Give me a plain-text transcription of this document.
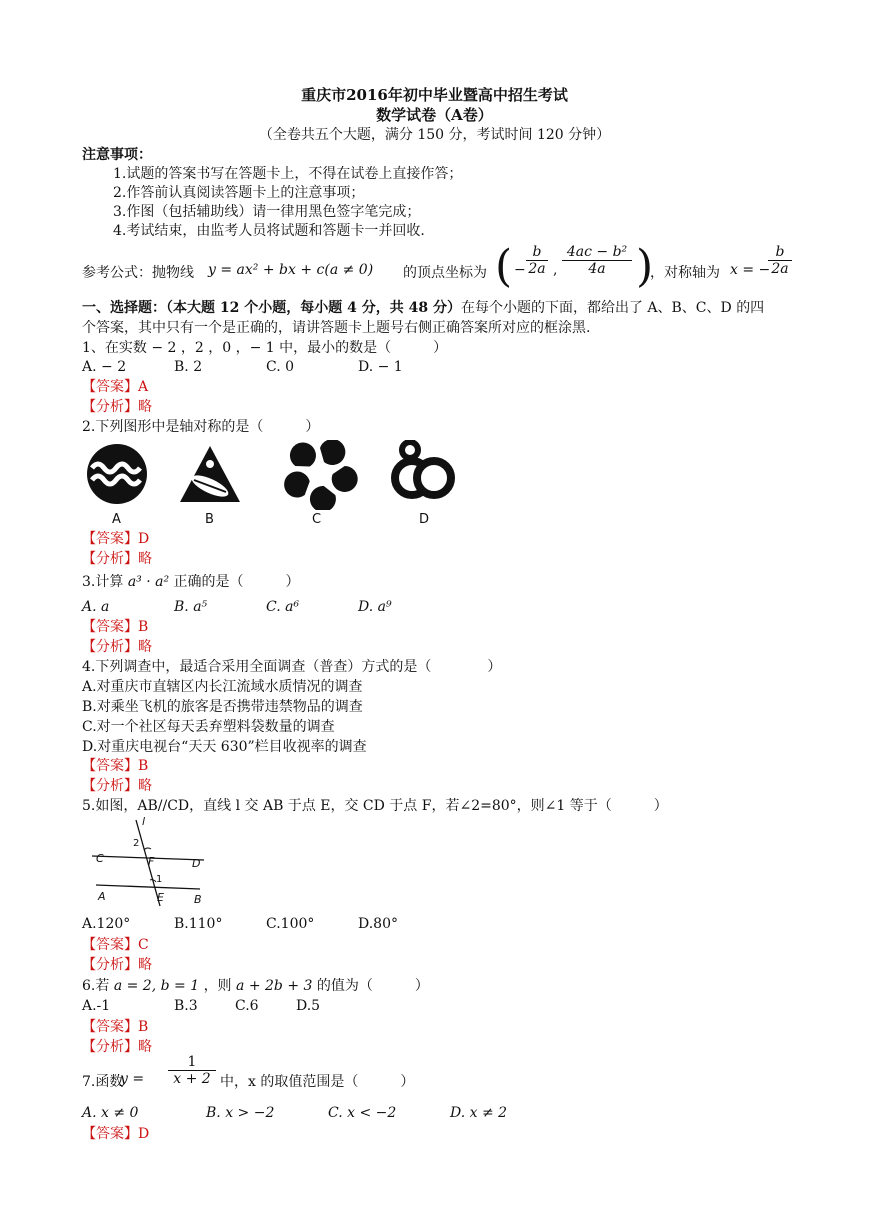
重庆市2016年初中毕业暨高中招生考试
数学试卷（A卷）
（全卷共五个大题，满分 150 分，考试时间 120 分钟）
注意事项：
1.试题的答案书写在答题卡上，不得在试卷上直接作答；
2.作答前认真阅读答题卡上的注意事项；
3.作图（包括辅助线）请一律用黑色签字笔完成；
4.考试结束，由监考人员将试题和答题卡一并回收.
参考公式：抛物线 y = ax² + bx + c(a ≠ 0) 的顶点坐标为 ( − $\frac{b}{2a}$ , $\frac{\text{4ac − b²}}{4a}$ )
，对称轴为 x = −
$\frac{b}{2a}$
一、选择题：（本大题 12 个小题，每小题 4 分，共 48 分）在每个小题的下面，都给出了 A、B、C、D 的四
个答案，其中只有一个是正确的，请讲答题卡上题号右侧正确答案所对应的框涂黑.
1、在实数 − 2 ，2 ，0 ，− 1 中，最小的数是（　　　）
A. − 2	B. 2	C. 0	D. − 1
【答案】A
【分析】略
2.下列图形中是轴对称的是（　　　）
A	B	C	D
【答案】D
【分析】略
3.计算 a³ · a² 正确的是（　　　）
A. a	B. a⁵	C. a⁶	D. a⁹
【答案】B
【分析】略
4.下列调查中，最适合采用全面调查（普查）方式的是（　　　　）
A.对重庆市直辖区内长江流域水质情况的调查
B.对乘坐飞机的旅客是否携带违禁物品的调查
C.对一个社区每天丢弃塑料袋数量的调查
D.对重庆电视台“天天 630”栏目收视率的调查
【答案】B
【分析】略
5.如图，AB//CD，直线 l 交 AB 于点 E，交 CD 于点 F，若∠2=80°，则∠1 等于（　　　）
l
C	D
A	B
E
F
1
2
A.120°	B.110°	C.100°	D.80°
【答案】C
【分析】略
6.若 a = 2, b = 1 ，则 a + 2b + 3 的值为（　　　）
A.-1	B.3	C.6	D.5
【答案】B
【分析】略
7.函数
$y = \frac{1}{x + 2}$ 中，x 的取值范围是（　　　）
A. x ≠ 0	B. x > −2	C. x < −2	D. x ≠ 2
【答案】D
